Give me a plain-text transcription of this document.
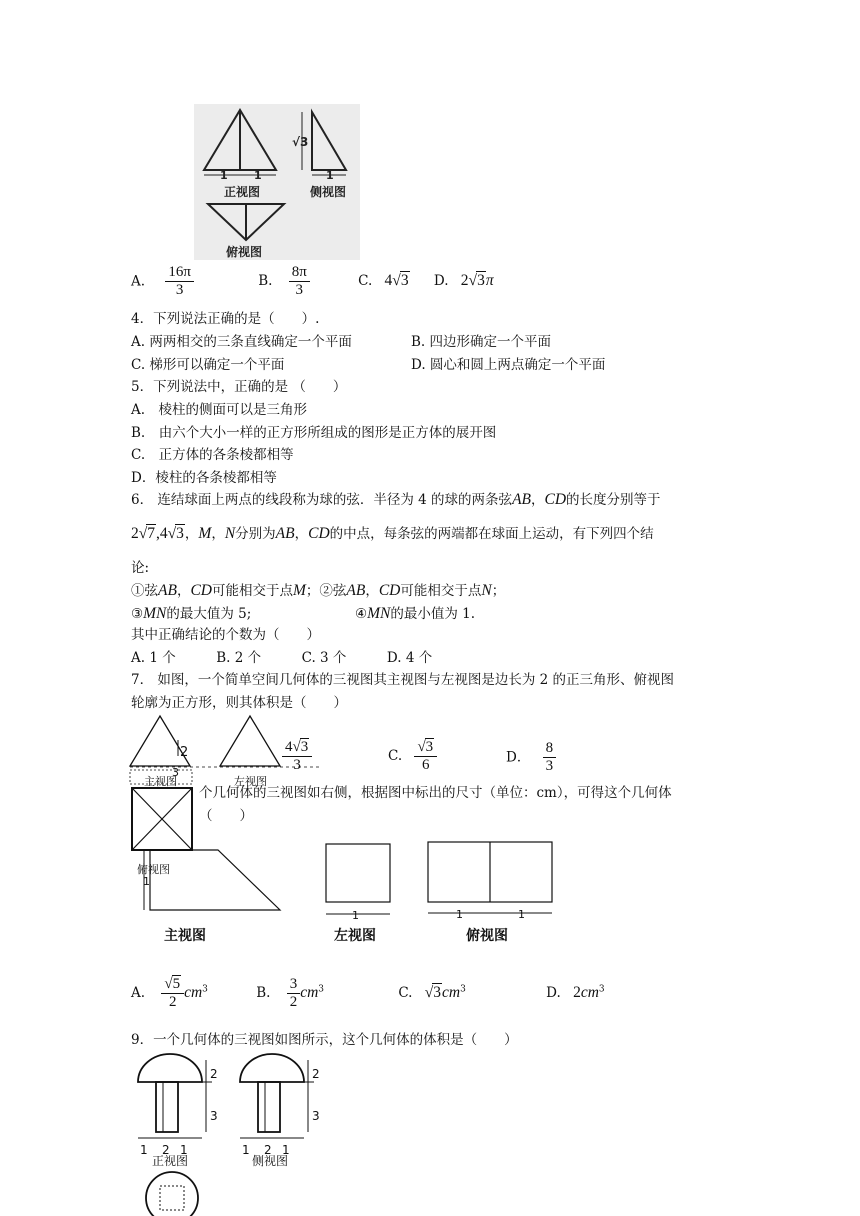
√3
1 1	1
正视图	侧视图
俯视图
A. $\frac{16\pi}{3}$	B. $\frac{8\pi}{3}$	C. 4√3 D. 2√3π
4．下列说法正确的是（　　）.
A. 两两相交的三条直线确定一个平面	B. 四边形确定一个平面
C. 梯形可以确定一个平面	D. 圆心和圆上两点确定一个平面
5．下列说法中，正确的是 （　　）
A.　棱柱的侧面可以是三角形
B.　由六个大小一样的正方形所组成的图形是正方体的展开图
C.　正方体的各条棱都相等
D．棱柱的各条棱都相等
6． 连结球面上两点的线段称为球的弦．半径为 4 的球的两条弦AB，CD的长度分别等于
2√7,4√3，M，N分别为AB，CD的中点，每条弦的两端都在球面上运动，有下列四个结
论:
①弦AB，CD可能相交于点M；②弦AB，CD可能相交于点N；
③MN的最大值为 5;	④MN的最小值为 1.
其中正确结论的个数为（　　）
A. 1 个　　　B. 2 个　　　C. 3 个　　　D. 4 个
7． 如图，一个简单空间几何体的三视图其主视图与左视图是边长为 2 的正三角形、俯视图
轮廓为正方形，则其体积是（　　）
2
3
主视图	左视图
$\frac{4√3}{3}$	C. $\frac{√3}{6}$	D． $\frac{8}{3}$
俯视图
个几何体的三视图如右侧，根据图中标出的尺寸（单位：cm），可得这个几何体
（　　）
1
主视图
1
左视图
1	1
俯视图
A. $\frac{√5}{2} cm^3$	B. $\frac{3}{2} cm^3$	C. $√3cm^3$	D. $2cm^3$
9．一个几何体的三视图如图所示，这个几何体的体积是（　　）
2
3
1 2 1
正视图
2
3
1 2 1
侧视图
